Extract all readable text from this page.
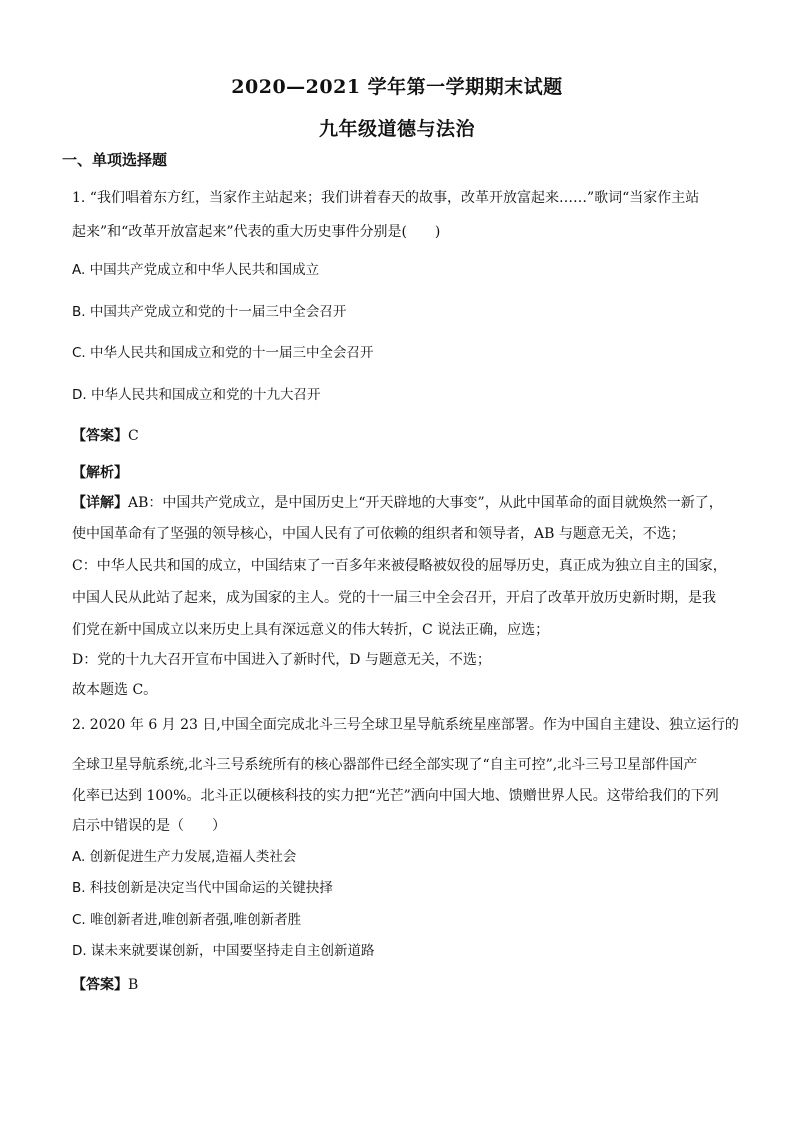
2020—2021 学年第一学期期末试题
九年级道德与法治
一、单项选择题
1. “我们唱着东方红，当家作主站起来；我们讲着春天的故事，改革开放富起来……”歌词“当家作主站
起来”和“改革开放富起来”代表的重大历史事件分别是(　　)
A. 中国共产党成立和中华人民共和国成立
B. 中国共产党成立和党的十一届三中全会召开
C. 中华人民共和国成立和党的十一届三中全会召开
D. 中华人民共和国成立和党的十九大召开
【答案】C
【解析】
【详解】AB：中国共产党成立，是中国历史上“开天辟地的大事变”，从此中国革命的面目就焕然一新了，
使中国革命有了坚强的领导核心，中国人民有了可依赖的组织者和领导者，AB 与题意无关，不选；
C：中华人民共和国的成立，中国结束了一百多年来被侵略被奴役的屈辱历史，真正成为独立自主的国家，
中国人民从此站了起来，成为国家的主人。党的十一届三中全会召开，开启了改革开放历史新时期，是我
们党在新中国成立以来历史上具有深远意义的伟大转折，C 说法正确，应选；
D：党的十九大召开宣布中国进入了新时代，D 与题意无关，不选；
故本题选 C。
2. 2020 年 6 月 23 日,中国全面完成北斗三号全球卫星导航系统星座部署。作为中国自主建设、独立运行的
全球卫星导航系统,北斗三号系统所有的核心器部件已经全部实现了“自主可控”,北斗三号卫星部件国产
化率已达到 100%。北斗正以硬核科技的实力把“光芒”洒向中国大地、馈赠世界人民。这带给我们的下列
启示中错误的是（　　）
A. 创新促进生产力发展,造福人类社会
B. 科技创新是决定当代中国命运的关键抉择
C. 唯创新者进,唯创新者强,唯创新者胜
D. 谋未来就要谋创新，中国要坚持走自主创新道路
【答案】B
